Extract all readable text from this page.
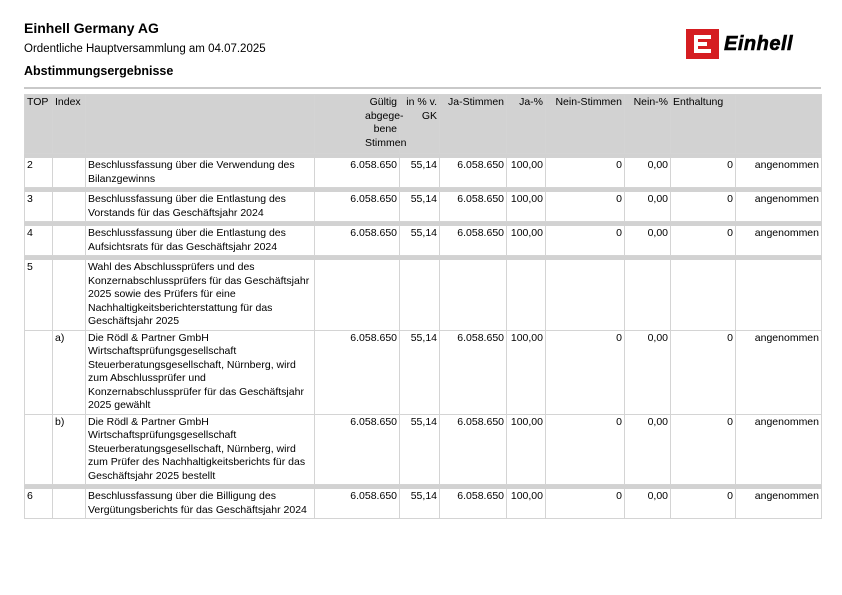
Einhell Germany AG
Ordentliche Hauptversammlung am 04.07.2025
Abstimmungsergebnisse
Einhell
TOP	Index		Gültig abgege-bene Stimmen	in % v. GK	Ja-Stimmen	Ja-%	Nein-Stimmen	Nein-%	Enthaltung	

2		Beschlussfassung über die Verwendung des Bilanzgewinns	6.058.650	55,14	6.058.650	100,00	0	0,00	0	angenommen

3		Beschlussfassung über die Entlastung des Vorstands für das Geschäftsjahr 2024	6.058.650	55,14	6.058.650	100,00	0	0,00	0	angenommen

4		Beschlussfassung über die Entlastung des Aufsichtsrats für das Geschäftsjahr 2024	6.058.650	55,14	6.058.650	100,00	0	0,00	0	angenommen

5		Wahl des Abschlussprüfers und des Konzernabschlussprüfers für das Geschäftsjahr 2025 sowie des Prüfers für eine Nachhaltigkeitsberichterstattung für das Geschäftsjahr 2025								
	a)	Die Rödl & Partner GmbH Wirtschaftsprüfungsgesellschaft Steuerberatungsgesellschaft, Nürnberg, wird zum Abschlussprüfer und Konzernabschlussprüfer für das Geschäftsjahr 2025 gewählt	6.058.650	55,14	6.058.650	100,00	0	0,00	0	angenommen
	b)	Die Rödl & Partner GmbH Wirtschaftsprüfungsgesellschaft Steuerberatungsgesellschaft, Nürnberg, wird zum Prüfer des Nachhaltigkeitsberichts für das Geschäftsjahr 2025 bestellt	6.058.650	55,14	6.058.650	100,00	0	0,00	0	angenommen

6		Beschlussfassung über die Billigung des Vergütungsberichts für das Geschäftsjahr 2024	6.058.650	55,14	6.058.650	100,00	0	0,00	0	angenommen
